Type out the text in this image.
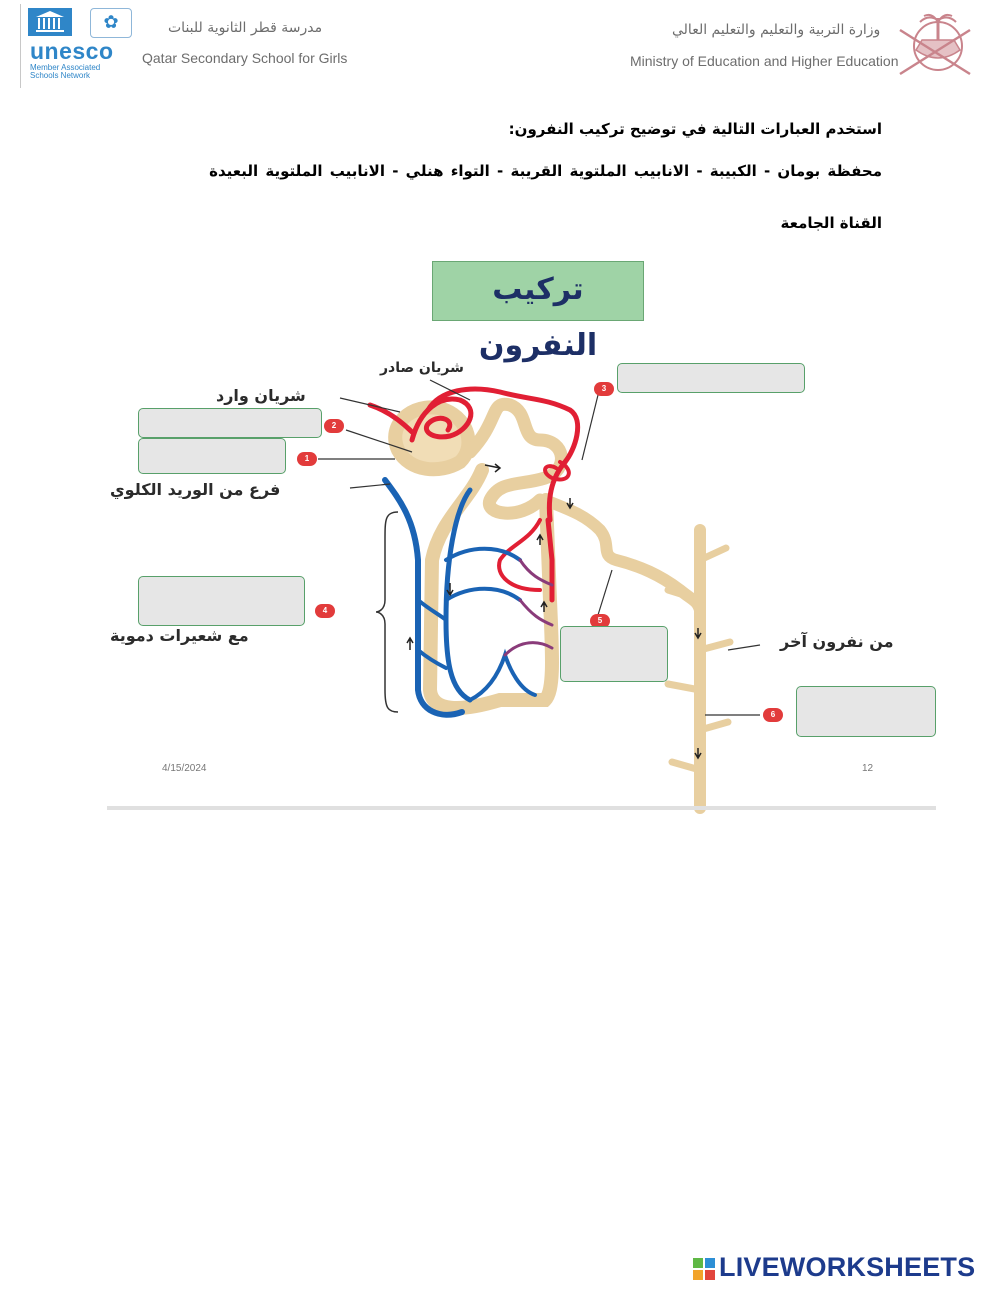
✿
unesco
Member Associated Schools Network
مدرسة قطر الثانوية للبنات
Qatar Secondary School for Girls
وزارة التربية والتعليم والتعليم العالي
Ministry of Education and Higher Education
استخدم العبارات التالية في توضيح تركيب النفرون:
محفظة بومان - الكبيبة - الانابيب الملتوية القريبة - التواء هنلي - الانابيب الملتوية البعيدة
القناة الجامعة
تركيب النفرون
شريان صادر
شريان وارد
فرع من الوريد الكلوي
مع شعيرات دموية	من نفرون آخر
1
2
3
4
5
6
4/15/2024	12
LIVEWORKSHEETS
